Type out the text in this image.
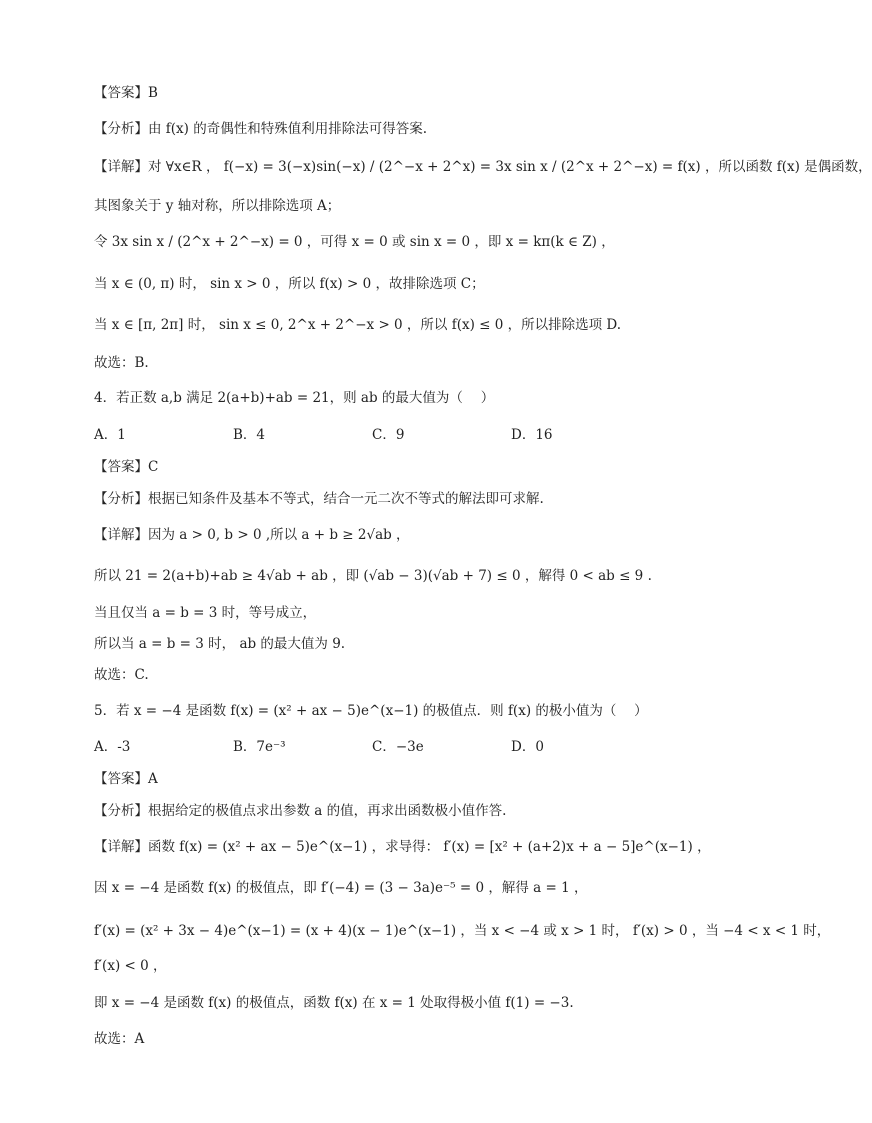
【答案】B
【分析】由 f(x) 的奇偶性和特殊值利用排除法可得答案.
【详解】对 ∀x∈R ， f(−x) = 3(−x)sin(−x) / (2^−x + 2^x) = 3x sin x / (2^x + 2^−x) = f(x) ，所以函数 f(x) 是偶函数，
其图象关于 y 轴对称，所以排除选项 A；
令 3x sin x / (2^x + 2^−x) = 0 ，可得 x = 0 或 sin x = 0 ，即 x = kπ(k ∈ Z) ，
当 x ∈ (0, π) 时， sin x > 0 ，所以 f(x) > 0 ，故排除选项 C；
当 x ∈ [π, 2π] 时， sin x ≤ 0, 2^x + 2^−x > 0 ，所以 f(x) ≤ 0 ，所以排除选项 D.
故选：B.
4．若正数 a,b 满足 2(a+b)+ab = 21，则 ab 的最大值为（　 ）
A．1	B．4	C．9	D．16
【答案】C
【分析】根据已知条件及基本不等式，结合一元二次不等式的解法即可求解.
【详解】因为 a > 0, b > 0 ,所以 a + b ≥ 2√ab ，
所以 21 = 2(a+b)+ab ≥ 4√ab + ab ，即 (√ab − 3)(√ab + 7) ≤ 0 ，解得 0 < ab ≤ 9 .
当且仅当 a = b = 3 时，等号成立，
所以当 a = b = 3 时， ab 的最大值为 9.
故选：C.
5．若 x = −4 是函数 f(x) = (x² + ax − 5)e^(x−1) 的极值点．则 f(x) 的极小值为（　 ）
A．-3	B．7e⁻³	C．−3e	D．0
【答案】A
【分析】根据给定的极值点求出参数 a 的值，再求出函数极小值作答.
【详解】函数 f(x) = (x² + ax − 5)e^(x−1) ，求导得： f′(x) = [x² + (a+2)x + a − 5]e^(x−1) ，
因 x = −4 是函数 f(x) 的极值点，即 f′(−4) = (3 − 3a)e⁻⁵ = 0 ，解得 a = 1 ，
f′(x) = (x² + 3x − 4)e^(x−1) = (x + 4)(x − 1)e^(x−1) ，当 x < −4 或 x > 1 时， f′(x) > 0 ，当 −4 < x < 1 时，
f′(x) < 0 ，
即 x = −4 是函数 f(x) 的极值点，函数 f(x) 在 x = 1 处取得极小值 f(1) = −3.
故选：A
